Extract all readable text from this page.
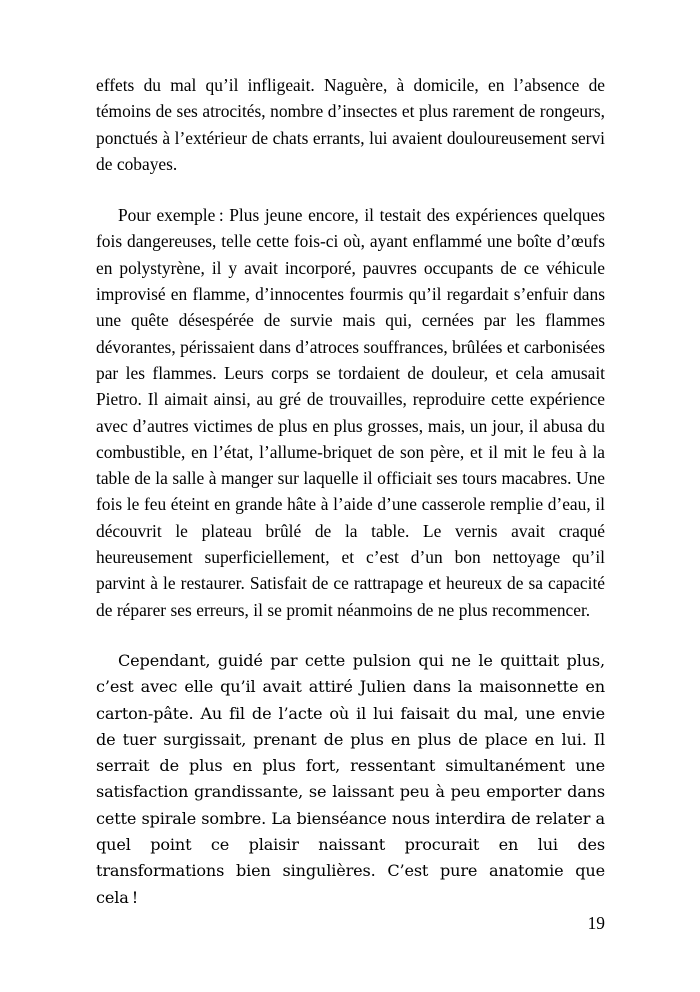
effets du mal qu’il infligeait. Naguère, à domicile, en l’absence de témoins de ses atrocités, nombre d’insectes et plus rarement de rongeurs, ponctués à l’extérieur de chats errants, lui avaient douloureusement servi de cobayes.

Pour exemple : Plus jeune encore, il testait des expériences quelques fois dangereuses, telle cette fois-ci où, ayant enflammé une boîte d’œufs en polystyrène, il y avait incorporé, pauvres occupants de ce véhicule improvisé en flamme, d’innocentes fourmis qu’il regardait s’enfuir dans une quête désespérée de survie mais qui, cernées par les flammes dévorantes, périssaient dans d’atroces souffrances, brûlées et carbonisées par les flammes. Leurs corps se tordaient de douleur, et cela amusait Pietro. Il aimait ainsi, au gré de trouvailles, reproduire cette expérience avec d’autres victimes de plus en plus grosses, mais, un jour, il abusa du combustible, en l’état, l’allume-briquet de son père, et il mit le feu à la table de la salle à manger sur laquelle il officiait ses tours macabres. Une fois le feu éteint en grande hâte à l’aide d’une casserole remplie d’eau, il découvrit le plateau brûlé de la table. Le vernis avait craqué heureusement superficiellement, et c’est d’un bon nettoyage qu’il parvint à le restaurer. Satisfait de ce rattrapage et heureux de sa capacité de réparer ses erreurs, il se promit néanmoins de ne plus recommencer.

Cependant, guidé par cette pulsion qui ne le quittait plus, c’est avec elle qu’il avait attiré Julien dans la maisonnette en carton-pâte. Au fil de l’acte où il lui faisait du mal, une envie de tuer surgissait, prenant de plus en plus de place en lui. Il serrait de plus en plus fort, ressentant simultanément une satisfaction grandissante, se laissant peu à peu emporter dans cette spirale sombre. La bienséance nous interdira de relater a quel point ce plaisir naissant procurait en lui des transformations bien singulières. C’est pure anatomie que cela !

19
